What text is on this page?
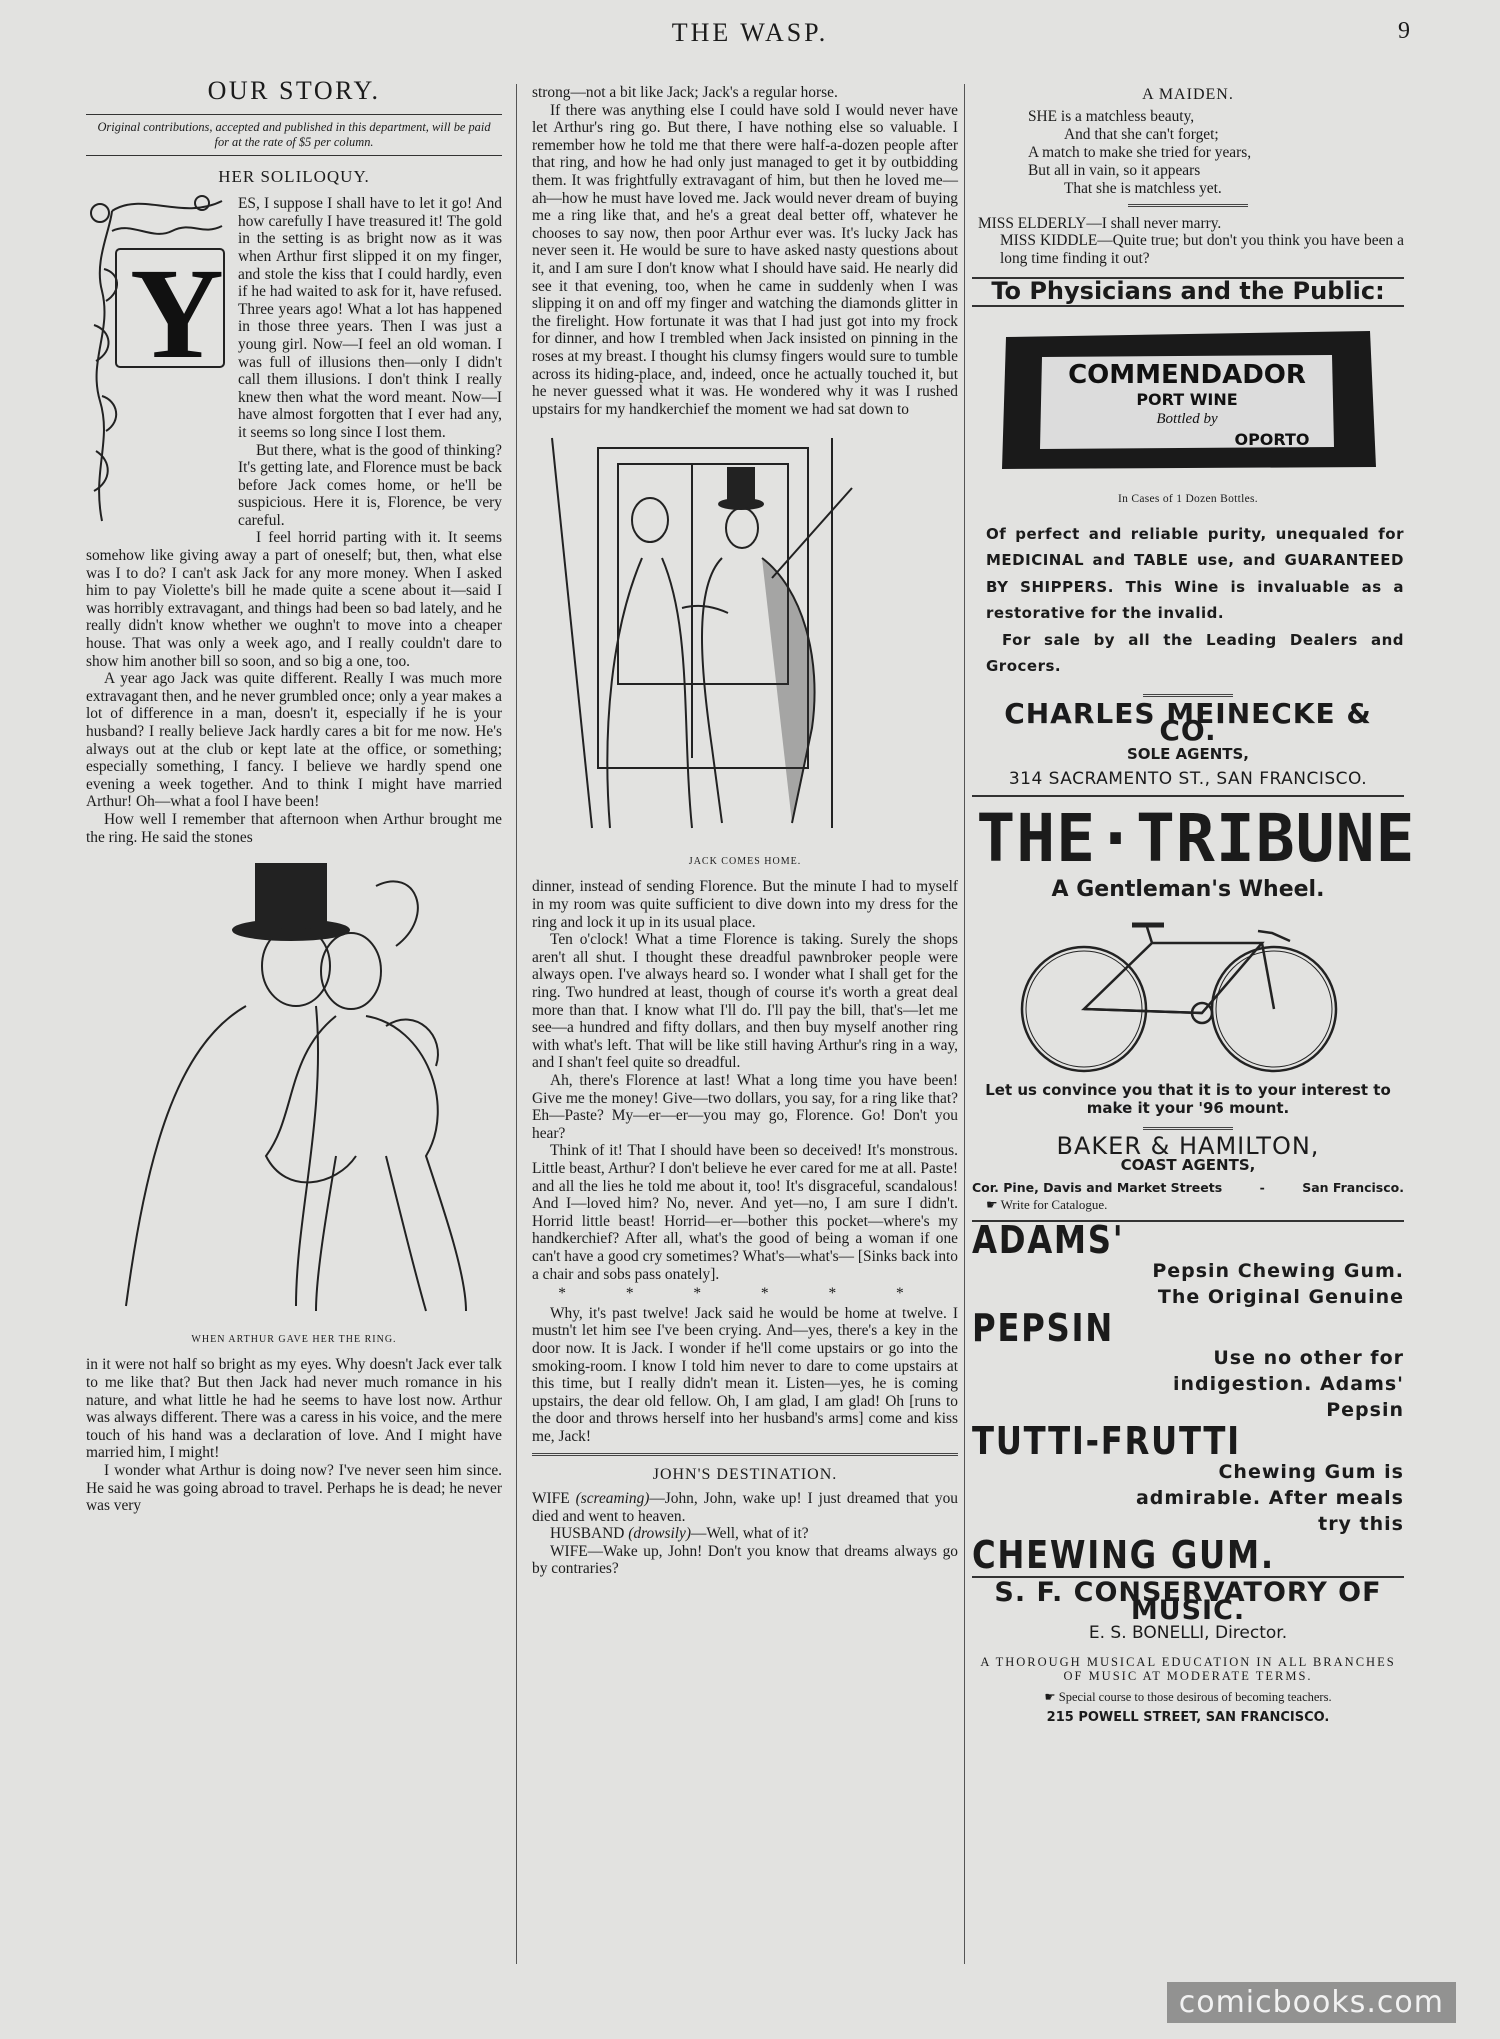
THE WASP.	9
OUR STORY.
Original contributions, accepted and published in this department, will be paid for at the rate of $5 per column.
HER SOLILOQUY.
Y

ES, I suppose I shall have to let it go! And how carefully I have treasured it! The gold in the setting is as bright now as it was when Arthur first slipped it on my finger, and stole the kiss that I could hardly, even if he had waited to ask for it, have refused. Three years ago! What a lot has happened in those three years. Then I was just a young girl. Now—I feel an old woman. I was full of illusions then—only I didn't call them illusions. I don't think I really knew then what the word meant. Now—I have almost forgotten that I ever had any, it seems so long since I lost them.

But there, what is the good of thinking? It's getting late, and Florence must be back before Jack comes home, or he'll be suspicious. Here it is, Florence, be very careful.

I feel horrid parting with it. It seems somehow like giving away a part of oneself; but, then, what else was I to do? I can't ask Jack for any more money. When I asked him to pay Violette's bill he made quite a scene about it—said I was horribly extravagant, and things had been so bad lately, and he really didn't know whether we oughn't to move into a cheaper house. That was only a week ago, and I really couldn't dare to show him another bill so soon, and so big a one, too.

A year ago Jack was quite different. Really I was much more extravagant then, and he never grumbled once; only a year makes a lot of difference in a man, doesn't it, especially if he is your husband? I really believe Jack hardly cares a bit for me now. He's always out at the club or kept late at the office, or something; especially something, I fancy. I believe we hardly spend one evening a week together. And to think I might have married Arthur! Oh—what a fool I have been!

How well I remember that afternoon when Arthur brought me the ring. He said the stones

WHEN ARTHUR GAVE HER THE RING.

in it were not half so bright as my eyes. Why doesn't Jack ever talk to me like that? But then Jack had never much romance in his nature, and what little he had he seems to have lost now. Arthur was always different. There was a caress in his voice, and the mere touch of his hand was a declaration of love. And I might have married him, I might!

I wonder what Arthur is doing now? I've never seen him since. He said he was going abroad to travel. Perhaps he is dead; he never was very

strong—not a bit like Jack; Jack's a regular horse.

If there was anything else I could have sold I would never have let Arthur's ring go. But there, I have nothing else so valuable. I remember how he told me that there were half-a-dozen people after that ring, and how he had only just managed to get it by outbidding them. It was frightfully extravagant of him, but then he loved me—ah—how he must have loved me. Jack would never dream of buying me a ring like that, and he's a great deal better off, whatever he chooses to say now, then poor Arthur ever was. It's lucky Jack has never seen it. He would be sure to have asked nasty questions about it, and I am sure I don't know what I should have said. He nearly did see it that evening, too, when he came in suddenly when I was slipping it on and off my finger and watching the diamonds glitter in the firelight. How fortunate it was that I had just got into my frock for dinner, and how I trembled when Jack insisted on pinning in the roses at my breast. I thought his clumsy fingers would sure to tumble across its hiding-place, and, indeed, once he actually touched it, but he never guessed what it was. He wondered why it was I rushed upstairs for my handkerchief the moment we had sat down to

JACK COMES HOME.

dinner, instead of sending Florence. But the minute I had to myself in my room was quite sufficient to dive down into my dress for the ring and lock it up in its usual place.

Ten o'clock! What a time Florence is taking. Surely the shops aren't all shut. I thought these dreadful pawnbroker people were always open. I've always heard so. I wonder what I shall get for the ring. Two hundred at least, though of course it's worth a great deal more than that. I know what I'll do. I'll pay the bill, that's—let me see—a hundred and fifty dollars, and then buy myself another ring with what's left. That will be like still having Arthur's ring in a way, and I shan't feel quite so dreadful.

Ah, there's Florence at last! What a long time you have been! Give me the money! Give—two dollars, you say, for a ring like that? Eh—Paste? My—er—er—you may go, Florence. Go! Don't you hear?

Think of it! That I should have been so deceived! It's monstrous. Little beast, Arthur? I don't believe he ever cared for me at all. Paste! and all the lies he told me about it, too! It's disgraceful, scandalous! And I—loved him? No, never. And yet—no, I am sure I didn't. Horrid little beast! Horrid—er—bother this pocket—where's my handkerchief? After all, what's the good of being a woman if one can't have a good cry sometimes? What's—what's— [Sinks back into a chair and sobs pass onately].

* * * * * *

Why, it's past twelve! Jack said he would be home at twelve. I mustn't let him see I've been crying. And—yes, there's a key in the door now. It is Jack. I wonder if he'll come upstairs or go into the smoking-room. I know I told him never to dare to come upstairs at this time, but I really didn't mean it. Listen—yes, he is coming upstairs, the dear old fellow. Oh, I am glad, I am glad! Oh [runs to the door and throws herself into her husband's arms] come and kiss me, Jack!

JOHN'S DESTINATION.

WIFE (screaming)—John, John, wake up! I just dreamed that you died and went to heaven.

HUSBAND (drowsily)—Well, what of it?

WIFE—Wake up, John! Don't you know that dreams always go by contraries?

A MAIDEN.
SHE is a matchless beauty,
And that she can't forget;
A match to make she tried for years,
But all in vain, so it appears
That she is matchless yet.

MISS ELDERLY—I shall never marry.

MISS KIDDLE—Quite true; but don't you think you have been a long time finding it out?

To Physicians and the Public:
COMMENDADOR
PORT WINE
Bottled by
OPORTO
In Cases of 1 Dozen Bottles.
Of perfect and reliable purity, unequaled for MEDICINAL and TABLE use, and GUARANTEED BY SHIPPERS. This Wine is invaluable as a restorative for the invalid.
For sale by all the Leading Dealers and Grocers.
CHARLES MEINECKE & CO.
SOLE AGENTS,
314 SACRAMENTO ST., SAN FRANCISCO.
THE·TRIBUNE
A Gentleman's Wheel.
Let us convince you that it is to your interest to make it your '96 mount.
BAKER & HAMILTON,
COAST AGENTS,
Cor. Pine, Davis and Market Streets	-	San Francisco.
☛ Write for Catalogue.
ADAMS'
Pepsin Chewing Gum. The Original Genuine
PEPSIN
Use no other for indigestion. Adams' Pepsin
TUTTI-FRUTTI
Chewing Gum is admirable. After meals try this
CHEWING GUM.
S. F. CONSERVATORY OF MUSIC.
E. S. BONELLI, Director.
A THOROUGH MUSICAL EDUCATION IN ALL BRANCHES OF MUSIC AT MODERATE TERMS.
☛ Special course to those desirous of becoming teachers.
215 POWELL STREET, SAN FRANCISCO.
comicbooks.com
